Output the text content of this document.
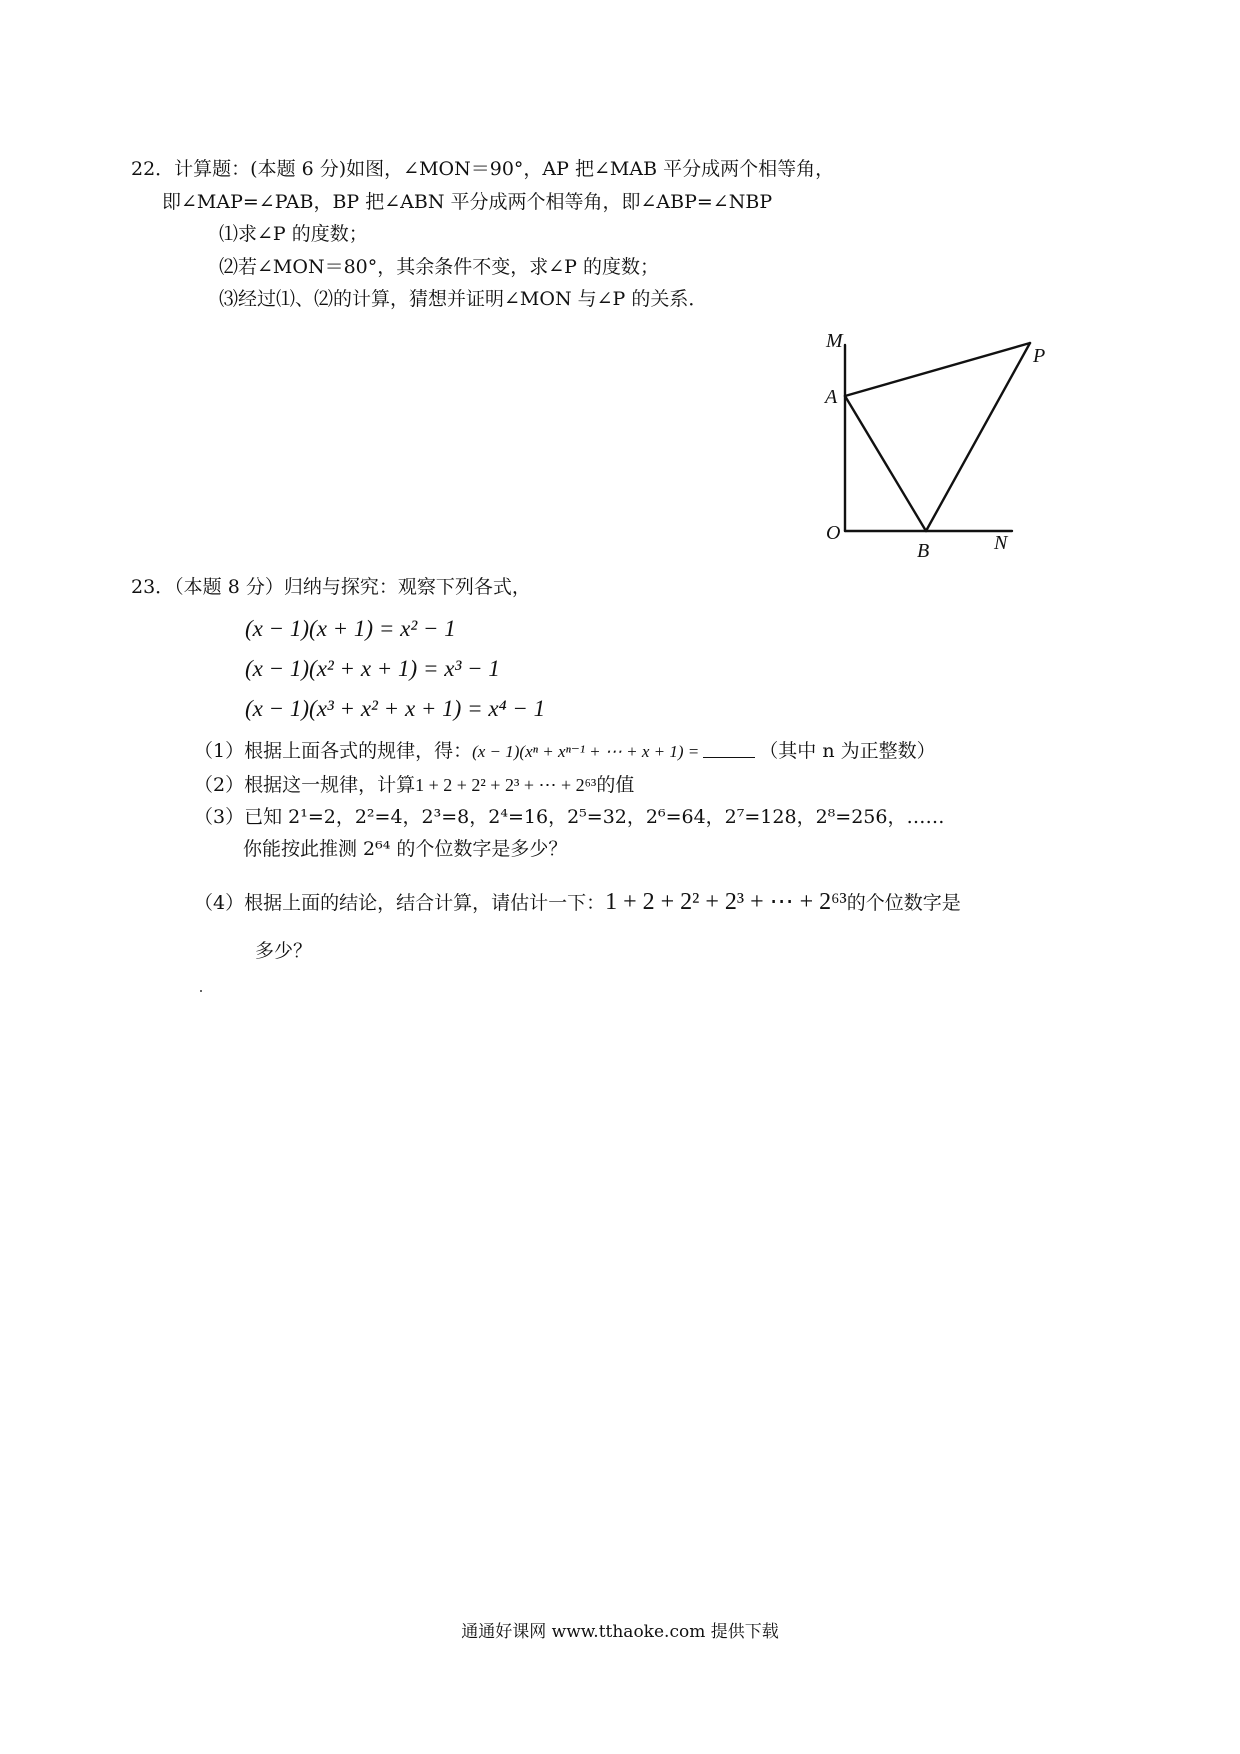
22．计算题：(本题 6 分)如图，∠MON＝90°，AP 把∠MAB 平分成两个相等角，
即∠MAP=∠PAB，BP 把∠ABN 平分成两个相等角，即∠ABP=∠NBP
⑴求∠P 的度数；
⑵若∠MON＝80°，其余条件不变，求∠P 的度数；
⑶经过⑴、⑵的计算，猜想并证明∠MON 与∠P 的关系．
M
P
A
O
B	N
23．（本题 8 分）归纳与探究：观察下列各式，
(x − 1)(x + 1) = x² − 1
(x − 1)(x² + x + 1) = x³ − 1
(x − 1)(x³ + x² + x + 1) = x⁴ − 1
（1）根据上面各式的规律，得：(x − 1)(xⁿ + xⁿ⁻¹ + ⋯ + x + 1) =	（其中 n 为正整数）
（2）根据这一规律，计算1 + 2 + 2² + 2³ + ⋯ + 2⁶³的值
（3）已知 2¹=2，2²=4，2³=8，2⁴=16，2⁵=32，2⁶=64，2⁷=128，2⁸=256，……
你能按此推测 2⁶⁴ 的个位数字是多少？
（4）根据上面的结论，结合计算，请估计一下：1 + 2 + 2² + 2³ + ⋯ + 2⁶³的个位数字是
多少？
通通好课网 www.tthaoke.com 提供下载
